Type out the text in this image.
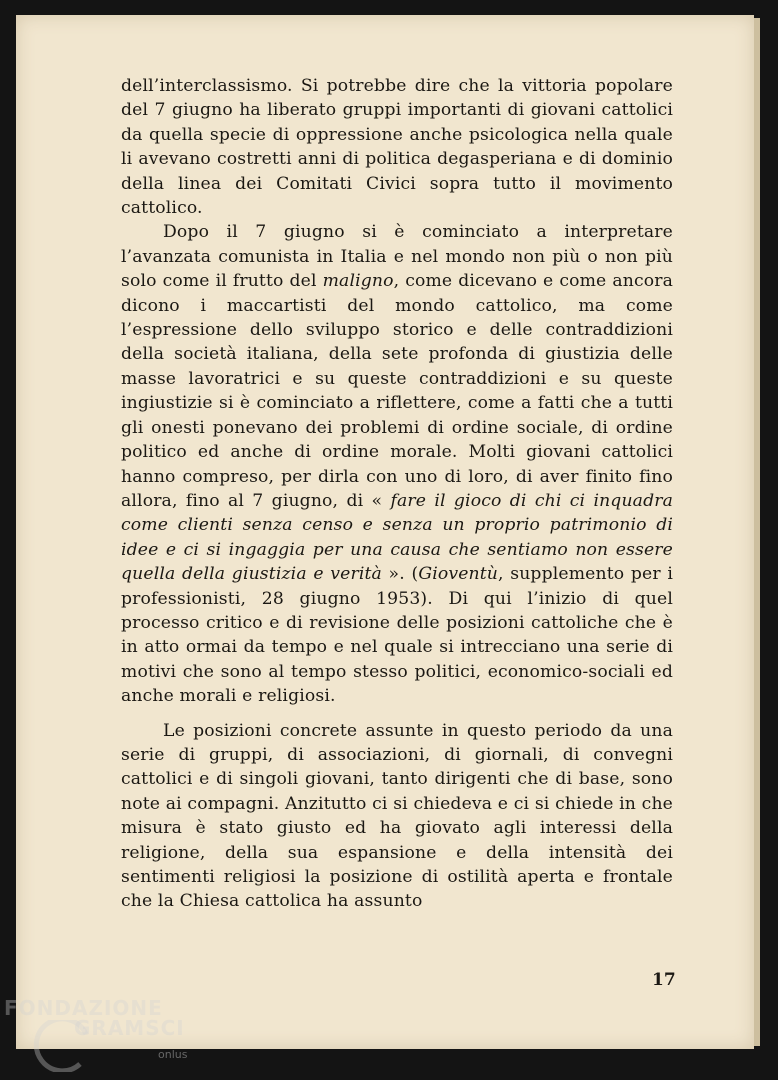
dell’interclassismo. Si potrebbe dire che la vittoria popolare del 7 giugno ha liberato gruppi importanti di giovani cattolici da quella specie di oppressione anche psicologica nella quale li avevano costretti anni di politica degasperiana e di dominio della linea dei Comitati Civici sopra tutto il movimento cattolico.

Dopo il 7 giugno si è cominciato a interpretare l’avanzata comunista in Italia e nel mondo non più o non più solo come il frutto del maligno, come dicevano e come ancora dicono i maccartisti del mondo cattolico, ma come l’espressione dello sviluppo storico e delle contraddizioni della società italiana, della sete profonda di giustizia delle masse lavoratrici e su queste contraddizioni e su queste ingiustizie si è cominciato a riflettere, come a fatti che a tutti gli onesti ponevano dei problemi di ordine sociale, di ordine politico ed anche di ordine morale. Molti giovani cattolici hanno compreso, per dirla con uno di loro, di aver finito fino allora, fino al 7 giugno, di « fare il gioco di chi ci inquadra come clienti senza censo e senza un proprio patrimonio di idee e ci si ingaggia per una causa che sentiamo non essere quella della giustizia e verità ». (Gioventù, supplemento per i professionisti, 28 giugno 1953). Di qui l’inizio di quel processo critico e di revisione delle posizioni cattoliche che è in atto ormai da tempo e nel quale si intrecciano una serie di motivi che sono al tempo stesso politici, economico-sociali ed anche morali e religiosi.

Le posizioni concrete assunte in questo periodo da una serie di gruppi, di associazioni, di giornali, di convegni cattolici e di singoli giovani, tanto dirigenti che di base, sono note ai compagni. Anzitutto ci si chiedeva e ci si chiede in che misura è stato giusto ed ha giovato agli interessi della religione, della sua espansione e della intensità dei sentimenti religiosi la posizione di ostilità aperta e frontale che la Chiesa cattolica ha assunto

17
FONDAZIONE
GRAMSCI
onlus
